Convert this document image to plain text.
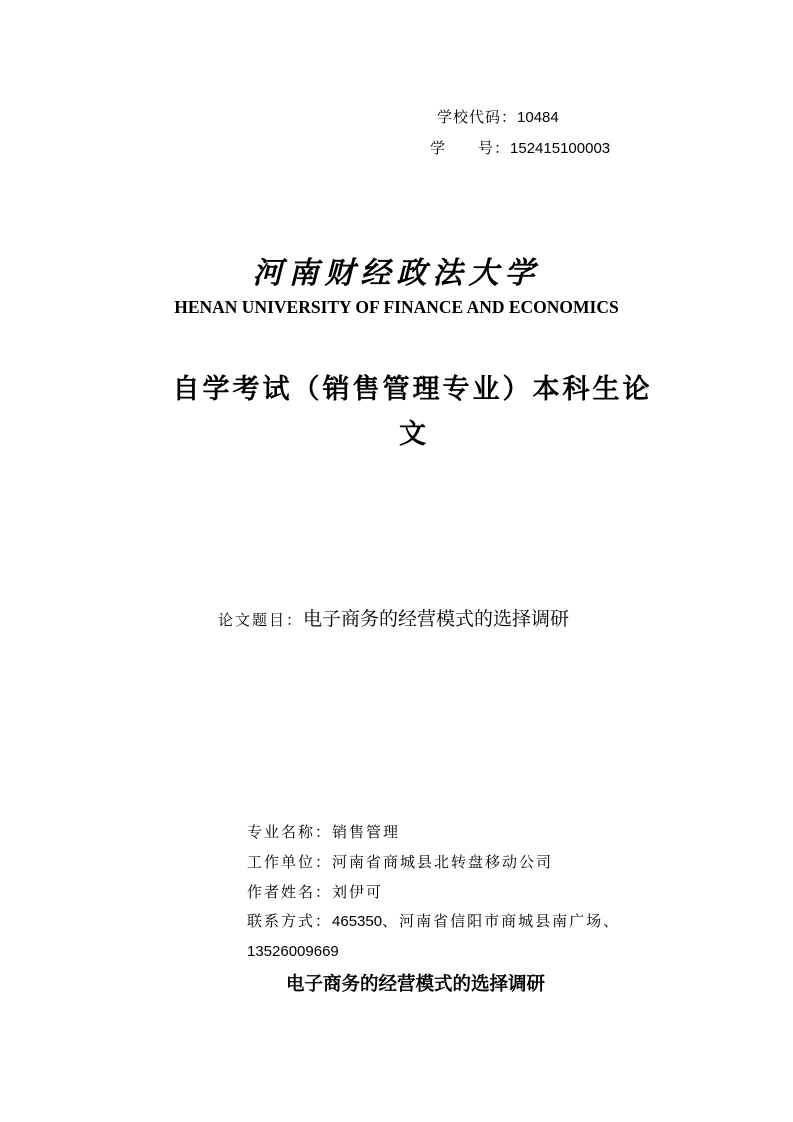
学校代码：10484
学　　号：152415100003
河南财经政法大学
HENAN UNIVERSITY OF FINANCE AND ECONOMICS
自学考试（销售管理专业）本科生论
文
论文题目：电子商务的经营模式的选择调研
专业名称：销售管理
工作单位：河南省商城县北转盘移动公司
作者姓名：刘伊可
联系方式：465350、河南省信阳市商城县南广场、
13526009669
电子商务的经营模式的选择调研
